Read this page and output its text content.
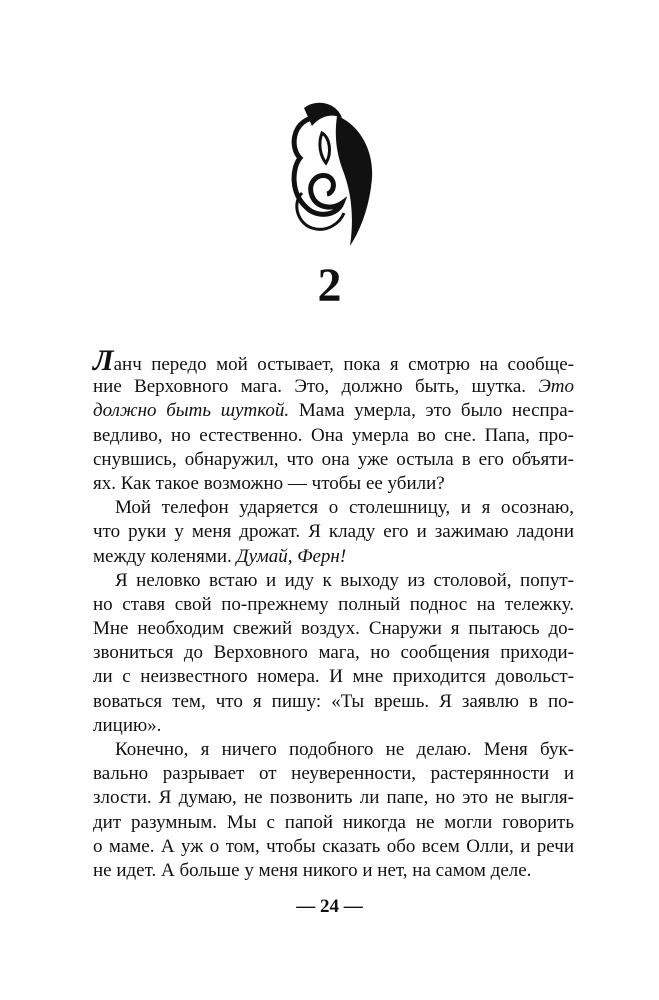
2
Ланч передо мой остывает, пока я смотрю на сообще-
ние Верховного мага. Это, должно быть, шутка. Это
должно быть шуткой. Мама умерла, это было неспра-
ведливо, но естественно. Она умерла во сне. Папа, про-
снувшись, обнаружил, что она уже остыла в его объяти-
ях. Как такое возможно — чтобы ее убили?
Мой телефон ударяется о столешницу, и я осознаю,
что руки у меня дрожат. Я кладу его и зажимаю ладони
между коленями. Думай, Ферн!
Я неловко встаю и иду к выходу из столовой, попут-
но ставя свой по-прежнему полный поднос на тележку.
Мне необходим свежий воздух. Снаружи я пытаюсь до-
звониться до Верховного мага, но сообщения приходи-
ли с неизвестного номера. И мне приходится довольст-
воваться тем, что я пишу: «Ты врешь. Я заявлю в по-
лицию».
Конечно, я ничего подобного не делаю. Меня бук-
вально разрывает от неуверенности, растерянности и
злости. Я думаю, не позвонить ли папе, но это не выгля-
дит разумным. Мы с папой никогда не могли говорить
о маме. А уж о том, чтобы сказать обо всем Олли, и речи
не идет. А больше у меня никого и нет, на самом деле.
— 24 —
